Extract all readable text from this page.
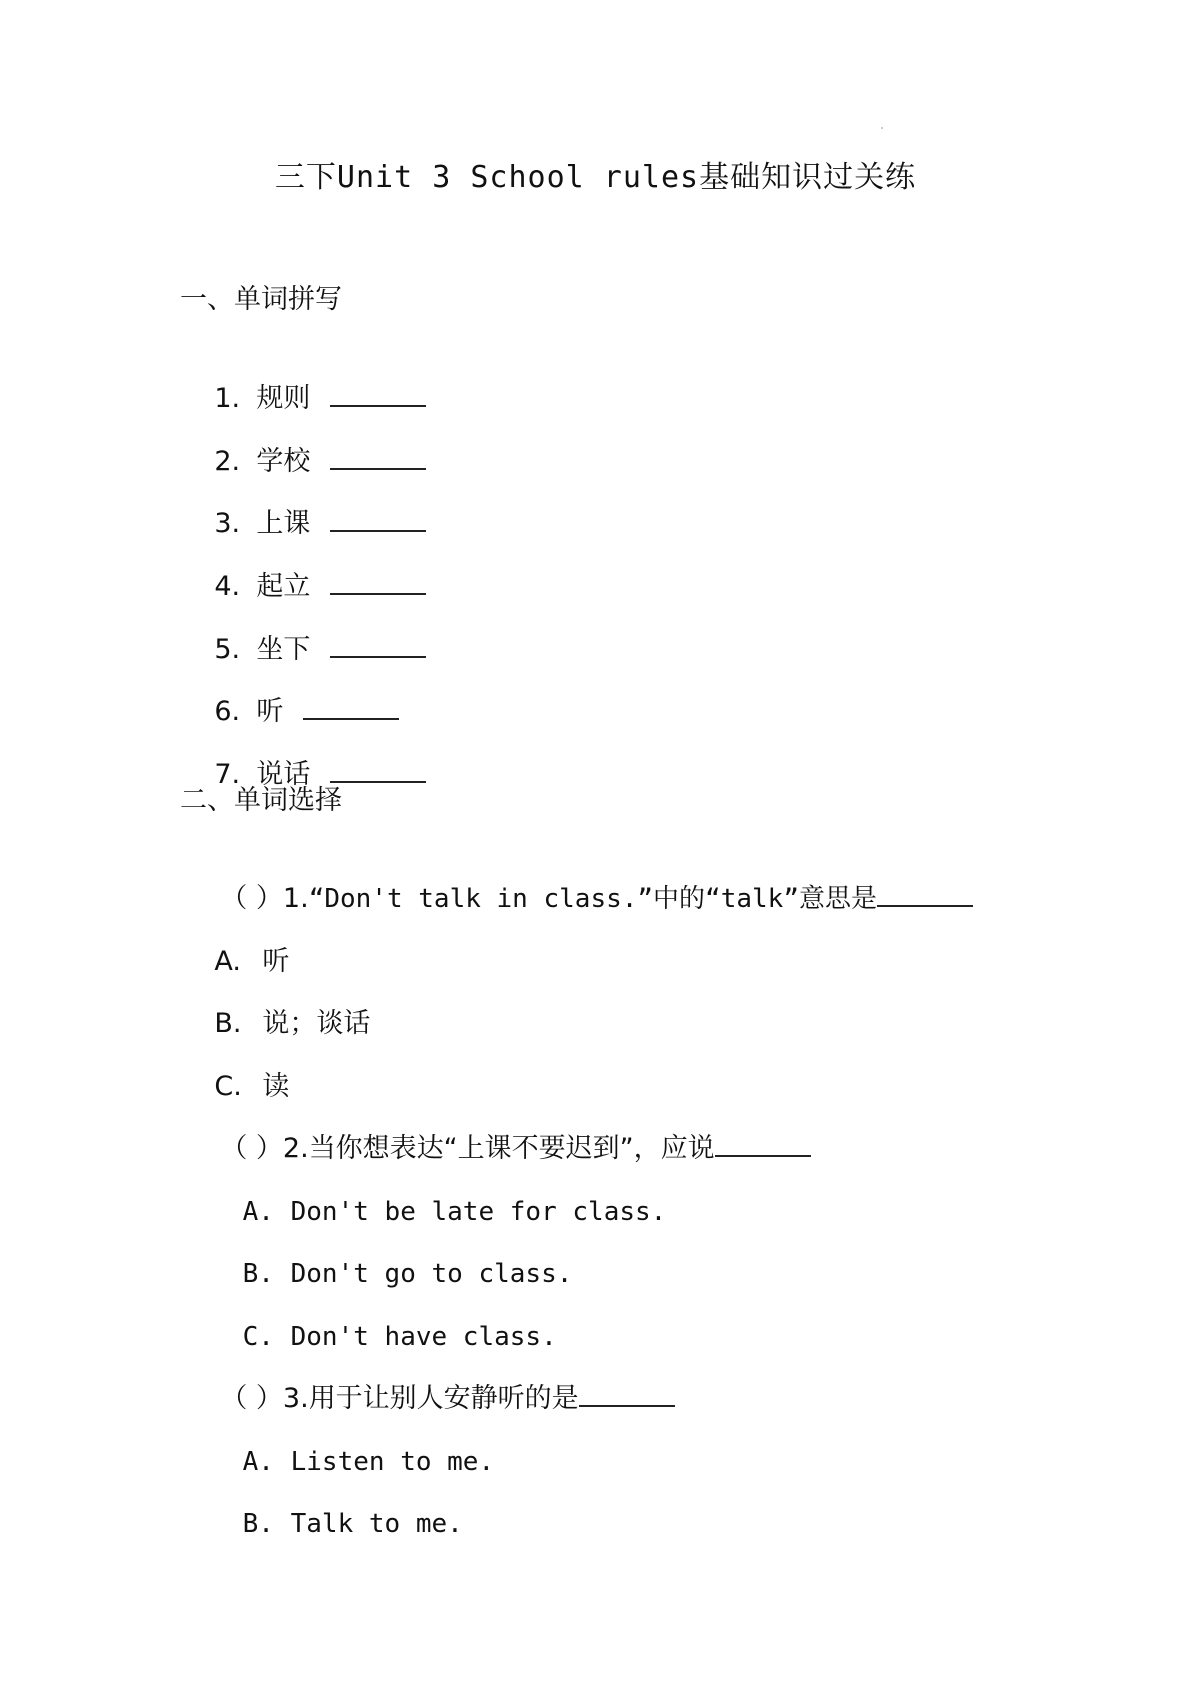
三下Unit 3 School rules基础知识过关练
一、单词拼写

1. 规则

2. 学校

3. 上课

4. 起立

5. 坐下

6. 听

7. 说话

二、单词选择

（ ）1.“Don't talk in class.”中的“talk”意思是

A. 听

B. 说；谈话

C. 读

（ ）2.当你想表达“上课不要迟到”，应说

A. Don't be late for class.

B. Don't go to class.

C. Don't have class.

（ ）3.用于让别人安静听的是

A. Listen to me.

B. Talk to me.
